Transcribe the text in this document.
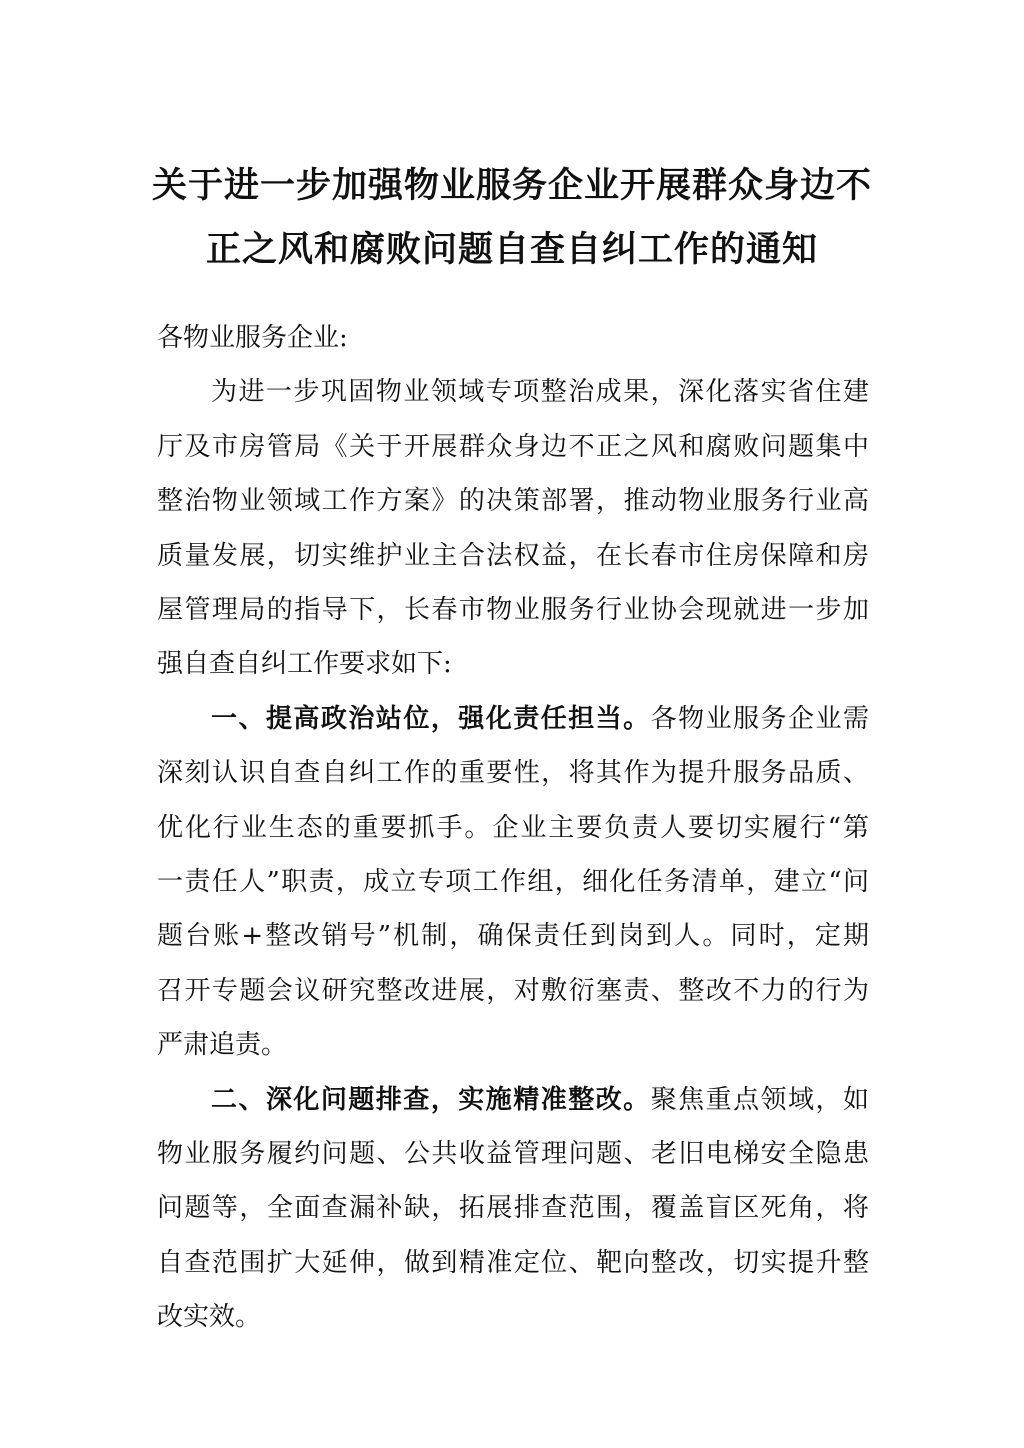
关于进一步加强物业服务企业开展群众身边不
正之风和腐败问题自查自纠工作的通知
各物业服务企业:
为进一步巩固物业领域专项整治成果，深化落实省住建
厅及市房管局《关于开展群众身边不正之风和腐败问题集中
整治物业领域工作方案》的决策部署，推动物业服务行业高
质量发展，切实维护业主合法权益，在长春市住房保障和房
屋管理局的指导下，长春市物业服务行业协会现就进一步加
强自查自纠工作要求如下:
一、提高政治站位，强化责任担当。各物业服务企业需
深刻认识自查自纠工作的重要性，将其作为提升服务品质、
优化行业生态的重要抓手。企业主要负责人要切实履行“第
一责任人”职责，成立专项工作组，细化任务清单，建立“问
题台账+整改销号”机制，确保责任到岗到人。同时，定期
召开专题会议研究整改进展，对敷衍塞责、整改不力的行为
严肃追责。
二、深化问题排查，实施精准整改。聚焦重点领域，如
物业服务履约问题、公共收益管理问题、老旧电梯安全隐患
问题等，全面查漏补缺，拓展排查范围，覆盖盲区死角，将
自查范围扩大延伸，做到精准定位、靶向整改，切实提升整
改实效。
